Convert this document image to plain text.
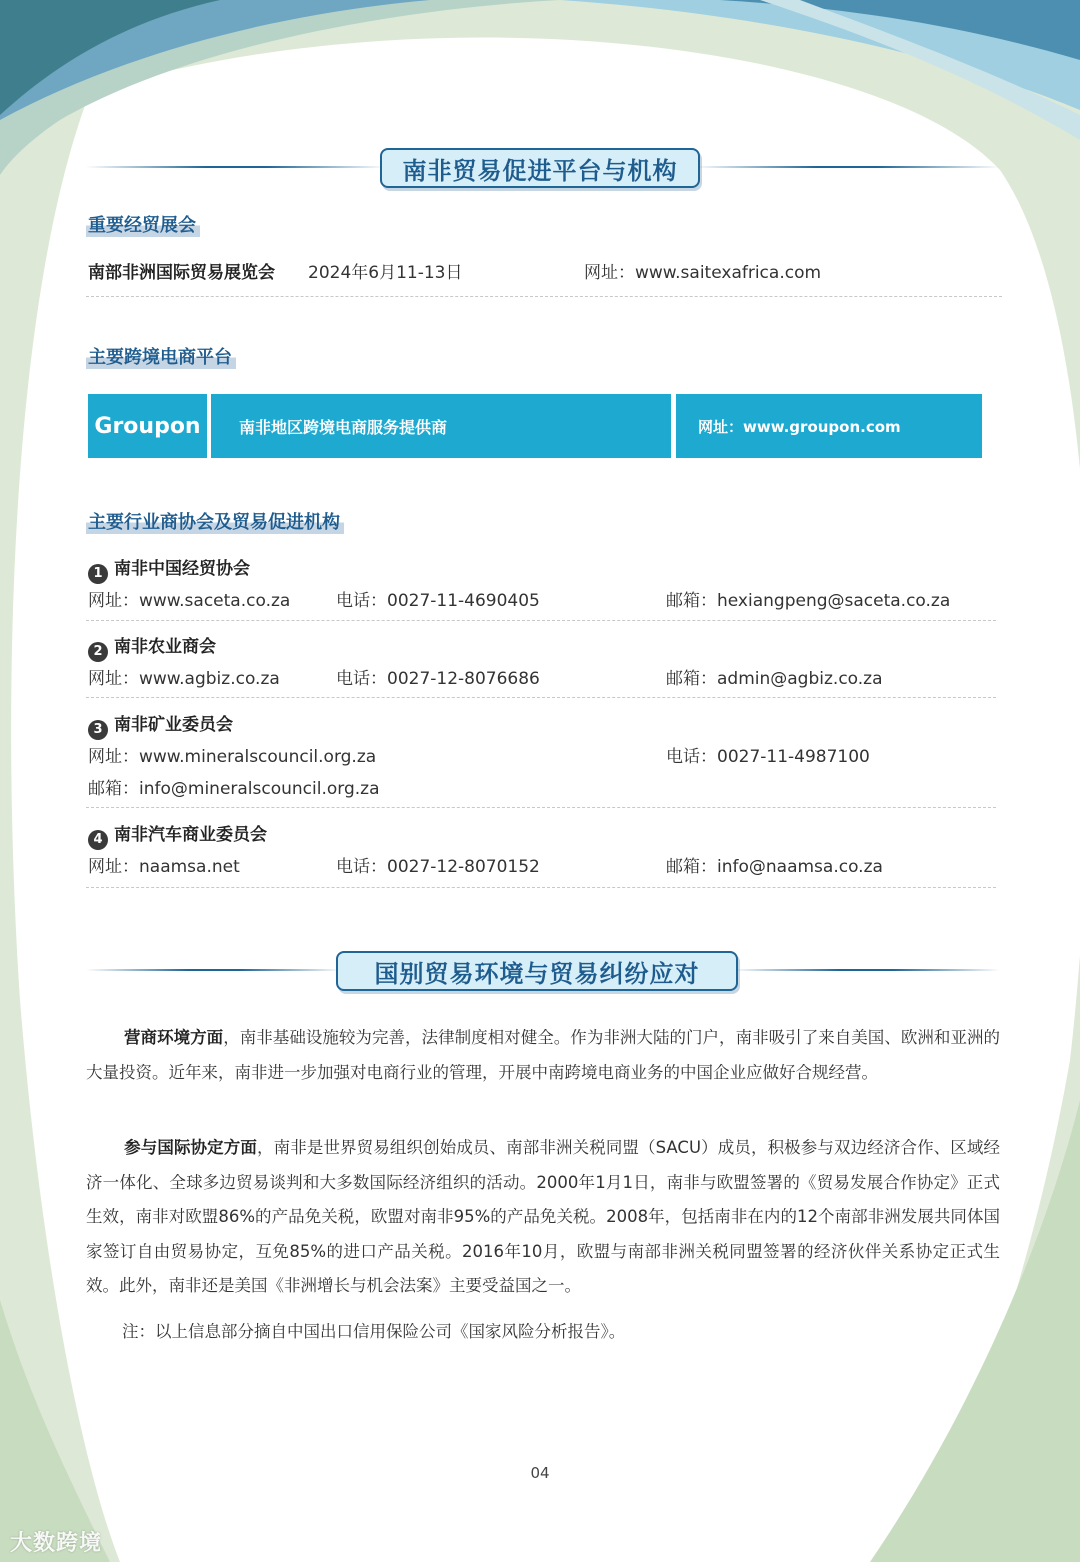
南非贸易促进平台与机构
重要经贸展会
南部非洲国际贸易展览会 2024年6月11-13日	网址：www.saitexafrica.com
主要跨境电商平台
Groupon 南非地区跨境电商服务提供商	网址：www.groupon.com
主要行业商协会及贸易促进机构
1 南非中国经贸协会
网址：www.saceta.co.za	电话：0027-11-4690405	邮箱：hexiangpeng@saceta.co.za
2 南非农业商会
网址：www.agbiz.co.za	电话：0027-12-8076686	邮箱：admin@agbiz.co.za
3 南非矿业委员会
网址：www.mineralscouncil.org.za	电话：0027-11-4987100
邮箱：info@mineralscouncil.org.za
4 南非汽车商业委员会
网址：naamsa.net	电话：0027-12-8070152	邮箱：info@naamsa.co.za
国别贸易环境与贸易纠纷应对

营商环境方面，南非基础设施较为完善，法律制度相对健全。作为非洲大陆的门户，南非吸引了来自美国、欧洲和亚洲的大量投资。近年来，南非进一步加强对电商行业的管理，开展中南跨境电商业务的中国企业应做好合规经营。

参与国际协定方面，南非是世界贸易组织创始成员、南部非洲关税同盟（SACU）成员，积极参与双边经济合作、区域经济一体化、全球多边贸易谈判和大多数国际经济组织的活动。2000年1月1日，南非与欧盟签署的《贸易发展合作协定》正式生效，南非对欧盟86%的产品免关税，欧盟对南非95%的产品免关税。2008年，包括南非在内的12个南部非洲发展共同体国家签订自由贸易协定，互免85%的进口产品关税。2016年10月，欧盟与南部非洲关税同盟签署的经济伙伴关系协定正式生效。此外，南非还是美国《非洲增长与机会法案》主要受益国之一。

注：以上信息部分摘自中国出口信用保险公司《国家风险分析报告》。
04
大数跨境
